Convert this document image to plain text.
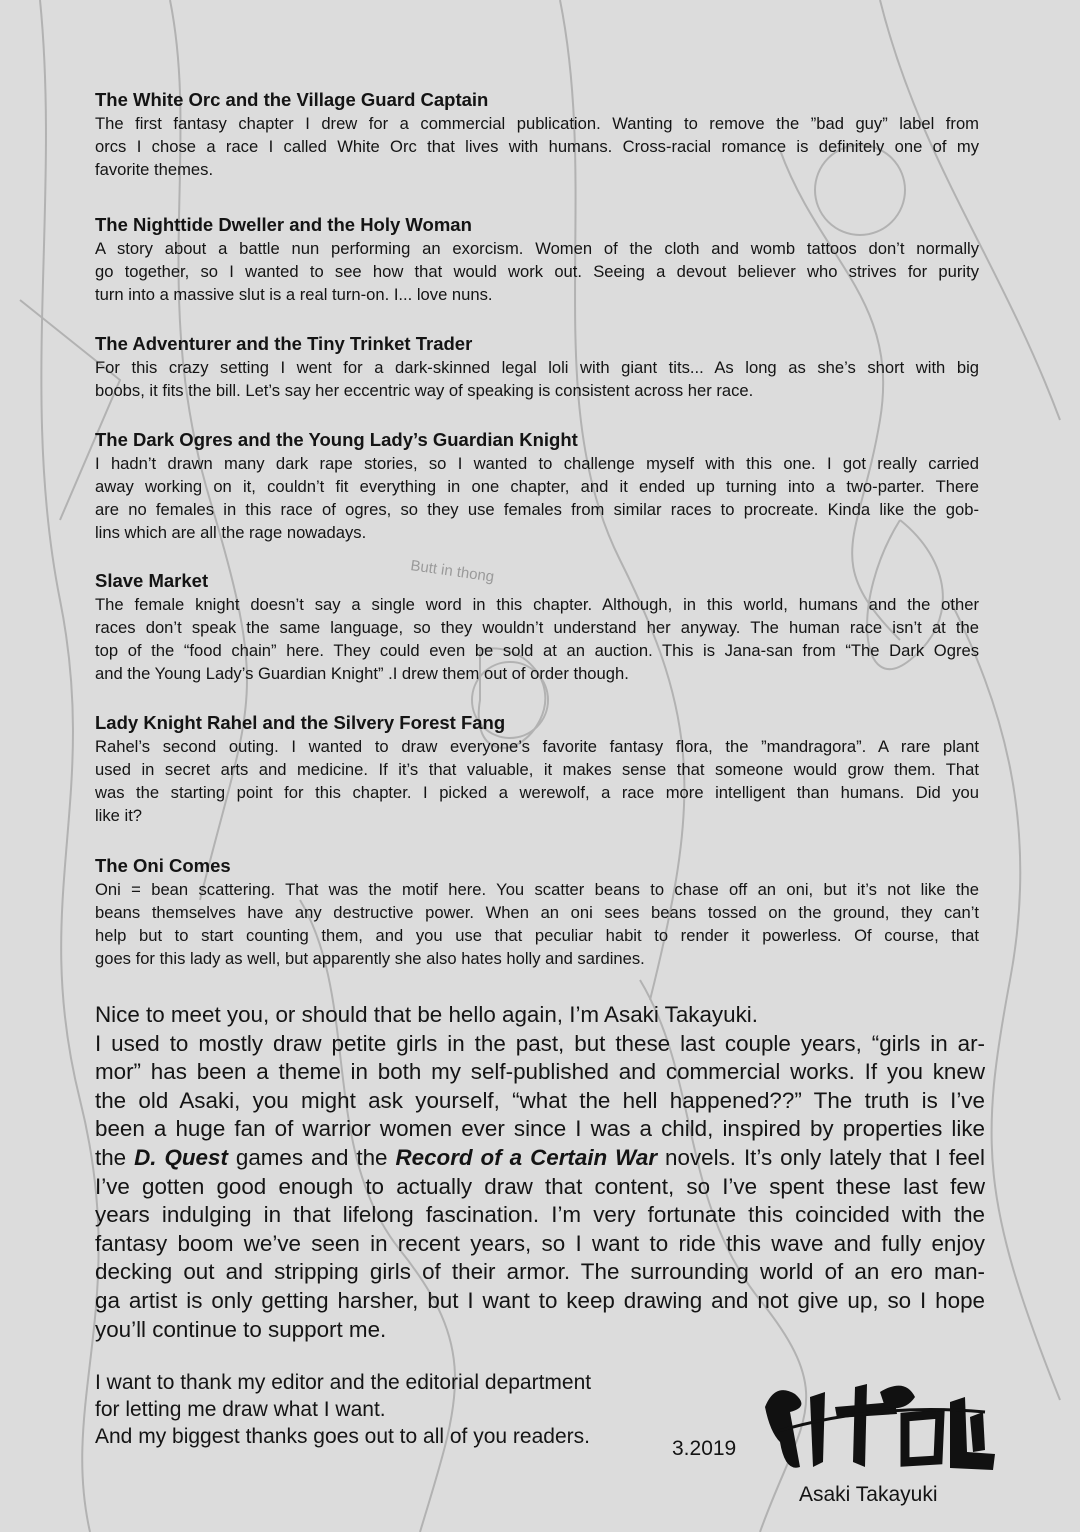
Butt in thong
The White Orc and the Village Guard Captain
The first fantasy chapter I drew for a commercial publication. Wanting to remove the ”bad guy” label from
orcs I chose a race I called White Orc that lives with humans. Cross-racial romance is definitely one of my
favorite themes.
The Nighttide Dweller and the Holy Woman
A story about a battle nun performing an exorcism. Women of the cloth and womb tattoos don’t normally
go together, so I wanted to see how that would work out. Seeing a devout believer who strives for purity
turn into a massive slut is a real turn-on. I... love nuns.
The Adventurer and the Tiny Trinket Trader
For this crazy setting I went for a dark-skinned legal loli with giant tits... As long as she’s short with big
boobs, it fits the bill. Let’s say her eccentric way of speaking is consistent across her race.
The Dark Ogres and the Young Lady’s Guardian Knight
I hadn’t drawn many dark rape stories, so I wanted to challenge myself with this one. I got really carried
away working on it, couldn’t fit everything in one chapter, and it ended up turning into a two-parter. There
are no females in this race of ogres, so they use females from similar races to procreate. Kinda like the gob-
lins which are all the rage nowadays.
Slave Market
The female knight doesn’t say a single word in this chapter. Although, in this world, humans and the other
races don’t speak the same language, so they wouldn’t understand her anyway. The human race isn’t at the
top of the “food chain” here. They could even be sold at an auction. This is Jana-san from “The Dark Ogres
and the Young Lady’s Guardian Knight” .I drew them out of order though.
Lady Knight Rahel and the Silvery Forest Fang
Rahel’s second outing. I wanted to draw everyone’s favorite fantasy flora, the ”mandragora”. A rare plant
used in secret arts and medicine. If it’s that valuable, it makes sense that someone would grow them. That
was the starting point for this chapter. I picked a werewolf, a race more intelligent than humans. Did you
like it?
The Oni Comes
Oni = bean scattering. That was the motif here. You scatter beans to chase off an oni, but it’s not like the
beans themselves have any destructive power. When an oni sees beans tossed on the ground, they can’t
help but to start counting them, and you use that peculiar habit to render it powerless. Of course, that
goes for this lady as well, but apparently she also hates holly and sardines.
Nice to meet you, or should that be hello again, I’m Asaki Takayuki.
I used to mostly draw petite girls in the past, but these last couple years, “girls in ar-
mor” has been a theme in both my self-published and commercial works. If you knew
the old Asaki, you might ask yourself, “what the hell happened??” The truth is I’ve
been a huge fan of warrior women ever since I was a child, inspired by properties like
the D. Quest games and the Record of a Certain War novels. It’s only lately that I feel
I’ve gotten good enough to actually draw that content, so I’ve spent these last few
years indulging in that lifelong fascination. I’m very fortunate this coincided with the
fantasy boom we’ve seen in recent years, so I want to ride this wave and fully enjoy
decking out and stripping girls of their armor. The surrounding world of an ero man-
ga artist is only getting harsher, but I want to keep drawing and not give up, so I hope
you’ll continue to support me.
I want to thank my editor and the editorial department
for letting me draw what I want.
And my biggest thanks goes out to all of you readers.
3.2019
Asaki Takayuki
